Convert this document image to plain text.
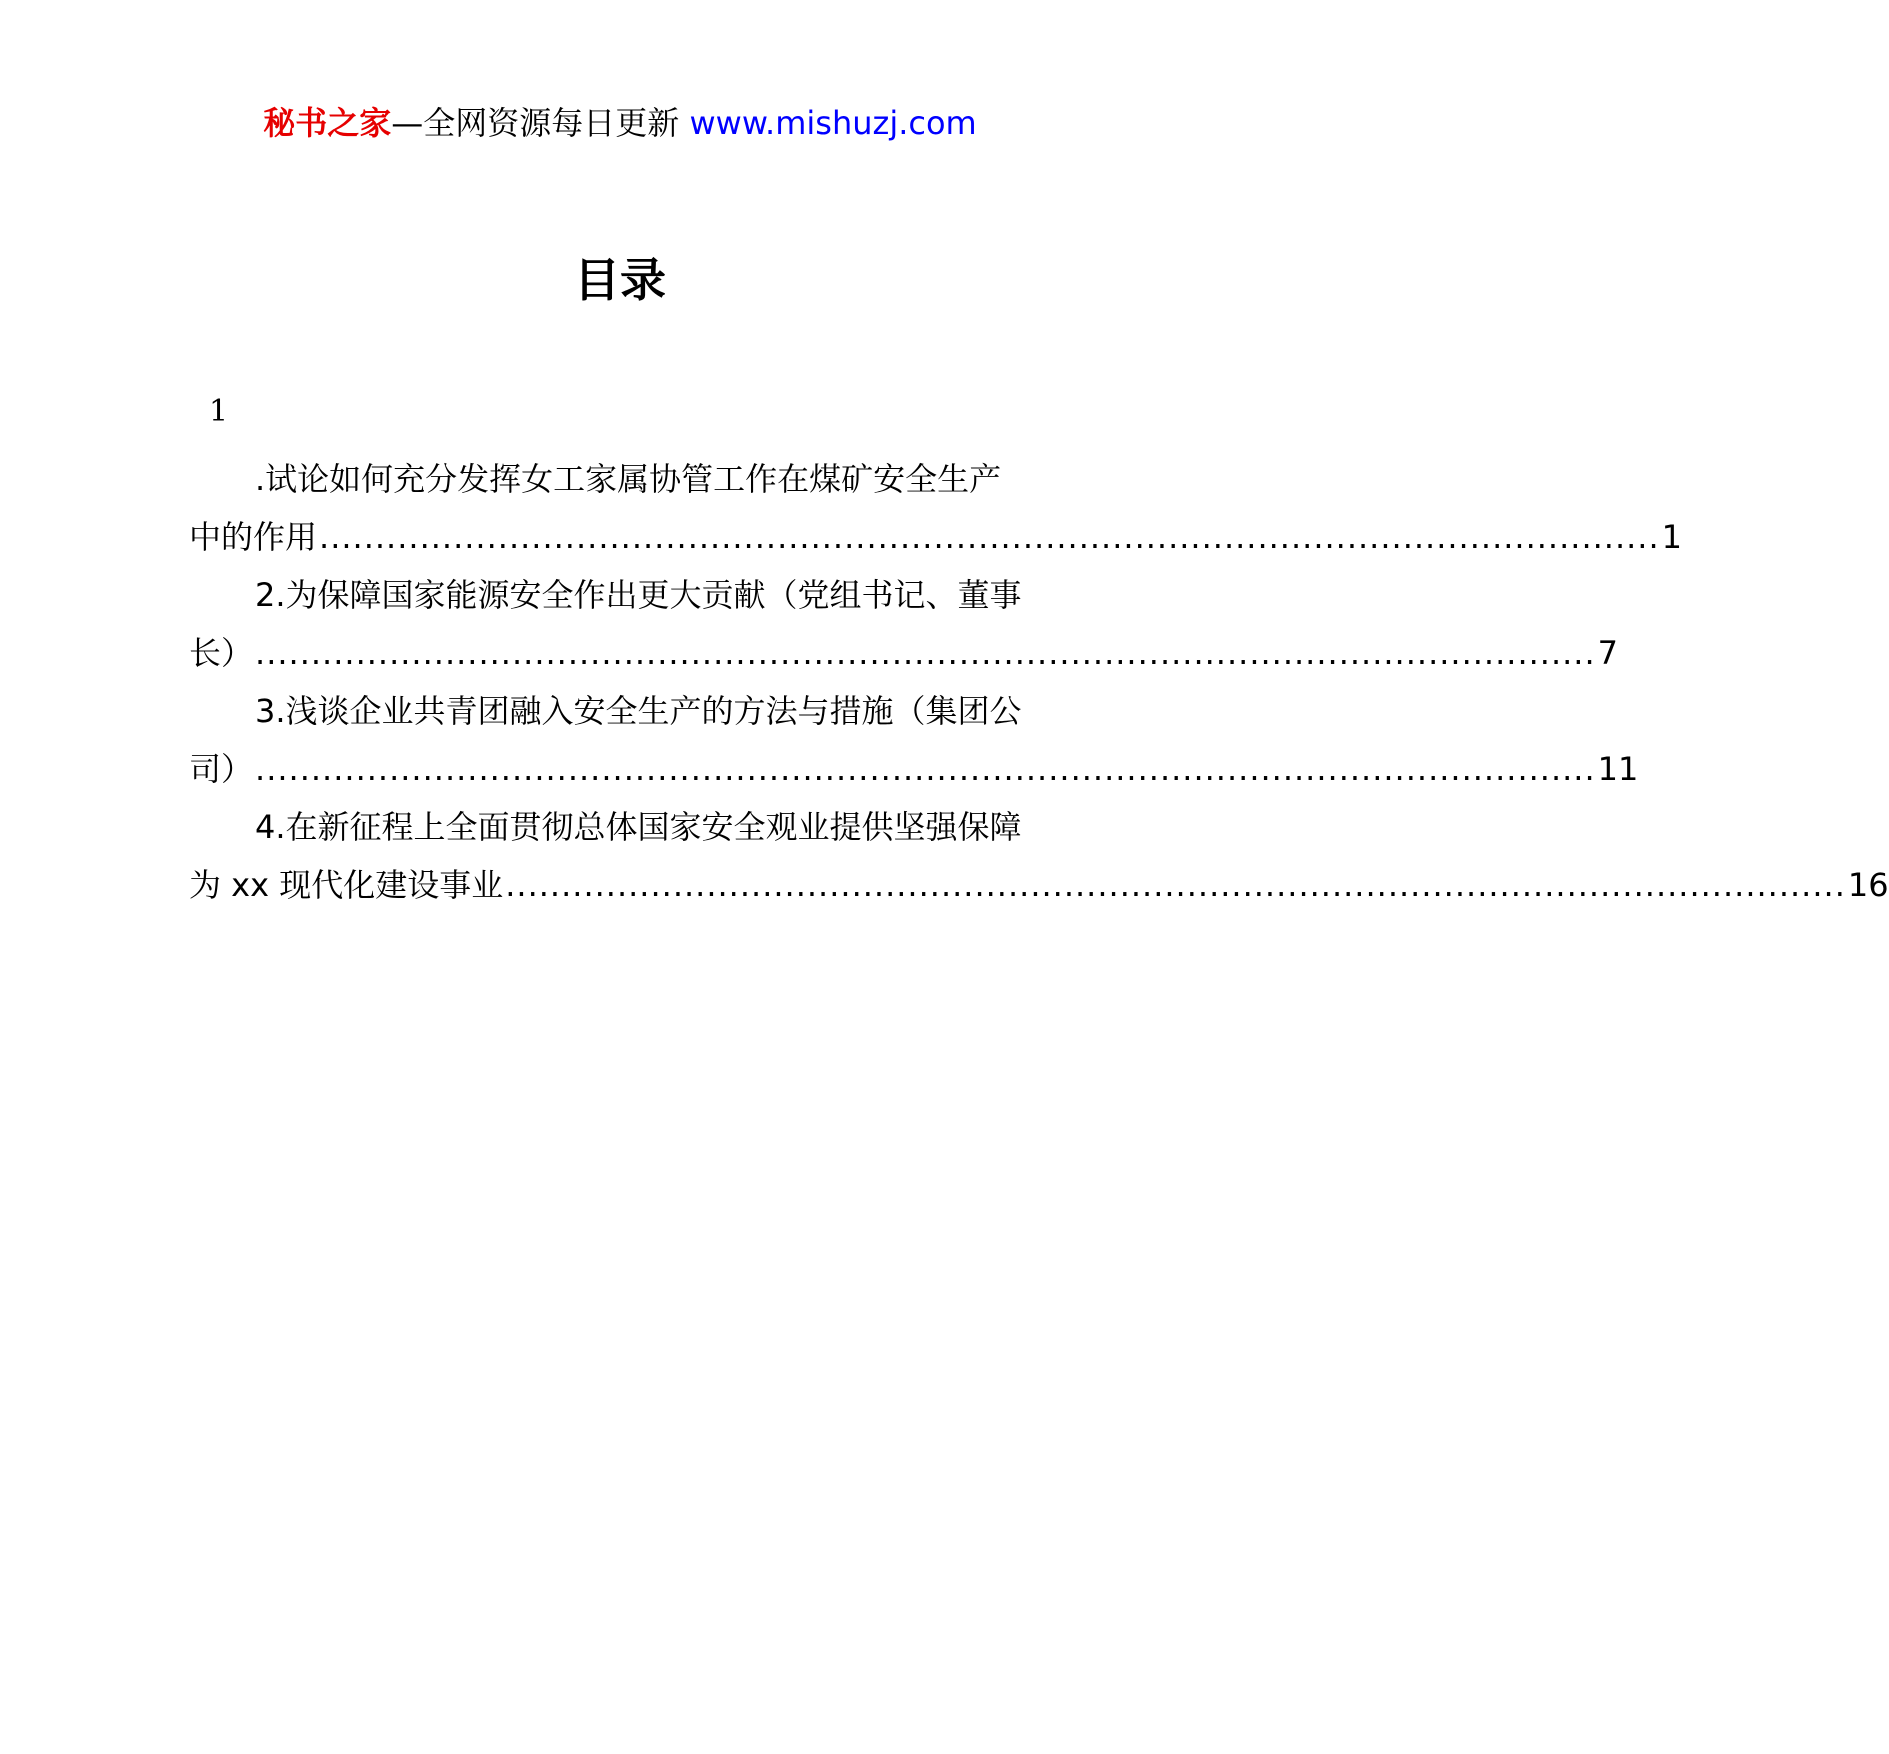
秘书之家—全网资源每日更新 www.mishuzj.com
目录
1
.试论如何充分发挥女工家属协管工作在煤矿安全生产
中的作用 ........................................................................................................................ 1
2.为保障国家能源安全作出更大贡献（党组书记、董事
长） ........................................................................................................................ 7
3.浅谈企业共青团融入安全生产的方法与措施（集团公
司） ........................................................................................................................ 11
4.在新征程上全面贯彻总体国家安全观业提供坚强保障
为 xx 现代化建设事业 ........................................................................................................................ 16
